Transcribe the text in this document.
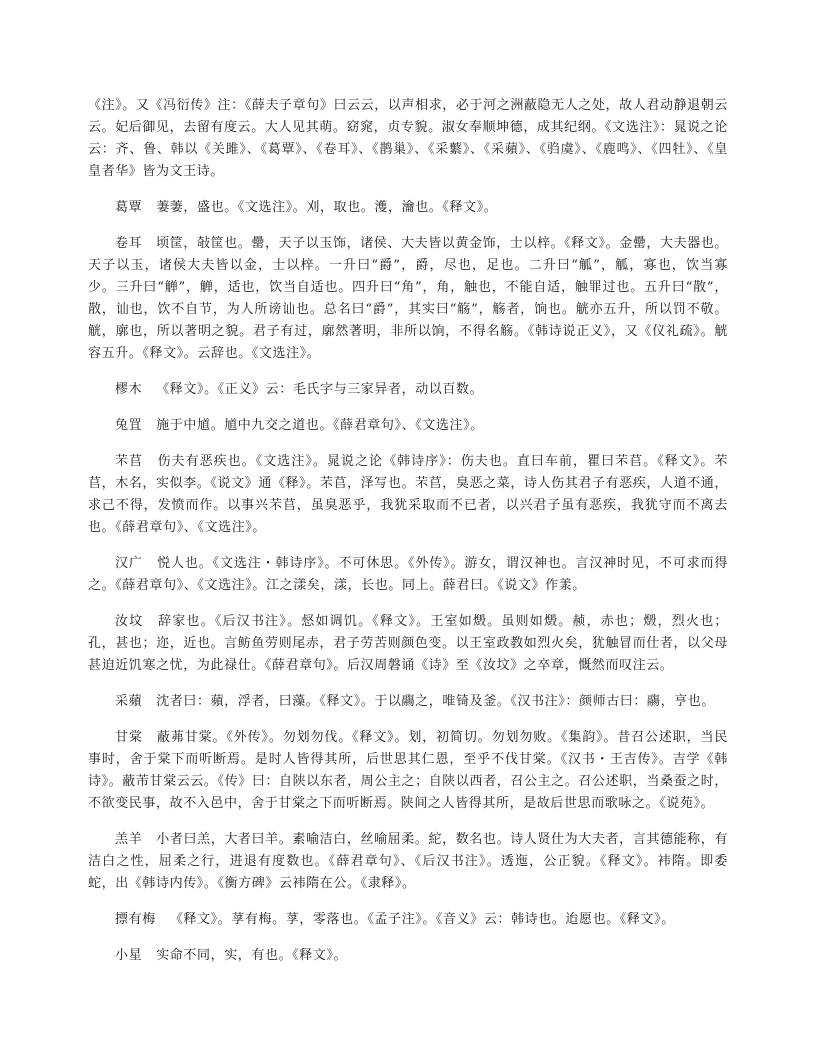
《注》。又《冯衍传》注：《薛夫子章句》曰云云，以声相求，必于河之洲蔽隐无人之处，故人君动静退朝云云。妃后御见，去留有度云。大人见其萌。窈窕，贞专貌。淑女奉顺坤德，成其纪纲。《文选注》：晁说之论云：齐、鲁、韩以《关雎》、《葛覃》、《卷耳》、《鹊巢》、《采蘩》、《采蘋》、《驺虞》、《鹿鸣》、《四牡》、《皇皇者华》皆为文王诗。

葛覃 萋萋，盛也。《文选注》。刈，取也。濩，瀹也。《释文》。

卷耳 顷筐，敧筐也。罍，天子以玉饰，诸侯、大夫皆以黄金饰，士以梓。《释文》。金罍，大夫器也。天子以玉，诸侯大夫皆以金，士以梓。一升曰“爵”，爵，尽也，足也。二升曰“觚”，觚，寡也，饮当寡少。三升曰“觯”，觯，适也，饮当自适也。四升曰“角”，角，触也，不能自适，触罪过也。五升曰“散”，散，讪也，饮不自节，为人所谤讪也。总名曰“爵”，其实曰“觞”，觞者，饷也。觥亦五升，所以罚不敬。觥，廓也，所以著明之貌。君子有过，廓然著明，非所以饷，不得名觞。《韩诗说正义》，又《仪礼疏》。觥容五升。《释文》。云辞也。《文选注》。

樛木 《释文》。《正义》云：毛氏字与三家异者，动以百数。

兔罝 施于中馗。馗中九交之道也。《薛君章句》、《文选注》。

芣苢 伤夫有恶疾也。《文选注》。晁说之论《韩诗序》：伤夫也。直曰车前，瞿曰芣苢。《释文》。芣苢，木名，实似李。《说文》通《释》。芣苢，泽写也。芣苢，臭恶之菜，诗人伤其君子有恶疾，人道不通，求己不得，发愤而作。以事兴芣苢，虽臭恶乎，我犹采取而不已者，以兴君子虽有恶疾，我犹守而不离去也。《薛君章句》、《文选注》。

汉广 悦人也。《文选注・韩诗序》。不可休思。《外传》。游女，谓汉神也。言汉神时见，不可求而得之。《薛君章句》、《文选注》。江之漾矣，漾，长也。同上。薛君曰。《说文》作羕。

汝坟 辞家也。《后汉书注》。惄如调饥。《释文》。王室如燬。虽则如燬。赪，赤也；燬，烈火也；孔，甚也；迩，近也。言鲂鱼劳则尾赤，君子劳苦则颜色变。以王室政教如烈火矣，犹触冒而仕者，以父母甚迫近饥寒之忧，为此禄仕。《薛君章句》。后汉周磐诵《诗》至《汝坟》之卒章，慨然而叹注云。

采蘋 沈者曰：蘋，浮者，曰藻。《释文》。于以鬺之，唯锜及釜。《汉书注》：颜师古曰：鬺，亨也。

甘棠 蔽茀甘棠。《外传》。勿划勿伐。《释文》。划，初简切。勿划勿败。《集韵》。昔召公述职，当民事时，舍于棠下而听断焉。是时人皆得其所，后世思其仁恩，至乎不伐甘棠。《汉书・王吉传》。吉学《韩诗》。蔽芾甘棠云云。《传》曰：自陕以东者，周公主之；自陕以西者，召公主之。召公述职，当桑蚕之时，不欲变民事，故不入邑中，舍于甘棠之下而听断焉。陕间之人皆得其所，是故后世思而歌咏之。《说苑》。

羔羊 小者曰羔，大者曰羊。素喻洁白，丝喻屈柔。紽，数名也。诗人贤仕为大夫者，言其德能称，有洁白之性，屈柔之行，进退有度数也。《薛君章句》、《后汉书注》。透迤，公正貌。《释文》。袆隋。即委蛇，出《韩诗内传》。《衡方碑》云袆隋在公。《隶释》。

摽有梅 《释文》。莩有梅。莩，零落也。《孟子注》。《音义》云：韩诗也。迨愿也。《释文》。

小星 实命不同，实，有也。《释文》。
